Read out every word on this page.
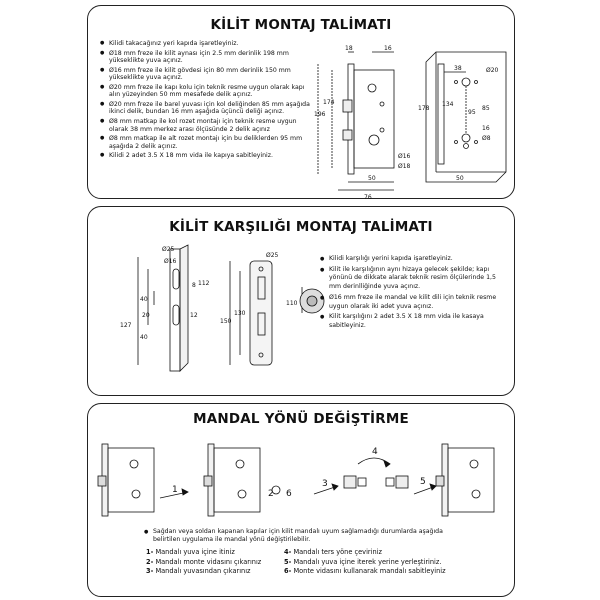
KİLİT MONTAJ TALİMATI
● Kilidi takacağınız yeri kapıda işaretleyiniz.
● Ø18 mm freze ile kilit aynası için 2.5 mm derinlik 198 mm yükseklikte yuva açınız.
● Ø16 mm freze ile kilit gövdesi için 80 mm derinlik 150 mm yükseklikte yuva açınız.
● Ø20 mm freze ile kapı kolu için teknik resme uygun olarak kapı alın yüzeyinden 50 mm mesafede delik açınız.
● Ø20 mm freze ile barel yuvası için kol deliğinden 85 mm aşağıda ikinci delik, bundan 16 mm aşağıda üçüncü deliği açınız.
● Ø8 mm matkap ile kol rozet montajı için teknik resme uygun olarak 38 mm merkez arası ölçüsünde 2 delik açınız
● Ø8 mm matkap ile alt rozet montajı için bu deliklerden 95 mm aşağıda 2 delik açınız.
● Kilidi 2 adet 3.5 X 18 mm vida ile kapıya sabitleyiniz.
196
174
18	16
50
76
Ø16
Ø18
134
178
38	Ø20
85
95
16
Ø8
50
KİLİT KARŞILIĞI MONTAJ TALİMATI
Ø25
Ø16
8 112
40
20
127
40
12
Ø25
130
150
110
● Kilidi karşılığı yerini kapıda işaretleyiniz.
● Kilit ile karşılığının aynı hizaya gelecek şekilde; kapı yönünü de dikkate alarak teknik resim ölçülerinde 1,5 mm derinlliğinde yuva açınız.
● Ø16 mm freze ile mandal ve kilit dili için teknik resme uygun olarak iki adet yuva açınız.
● Kilit karşılığını 2 adet 3.5 X 18 mm vida ile kasaya sabitleyiniz.
MANDAL YÖNÜ DEĞİŞTİRME
1	2 6
3
4
5
● Sağdan veya soldan kapanan kapılar için kilit mandalı uyum sağlamadığı durumlarda aşağıda belirtilen uygulama ile mandal yönü değiştirilebilir.
1- Mandalı yuva içine itiniz
2- Mandalı monte vidasını çıkarınız
3- Mandalı yuvasından çıkarınız
4- Mandalı ters yöne çeviriniz
5- Mandalı yuva içine iterek yerine yerleştiriniz.
6- Monte vidasını kullanarak mandalı sabitleyiniz
